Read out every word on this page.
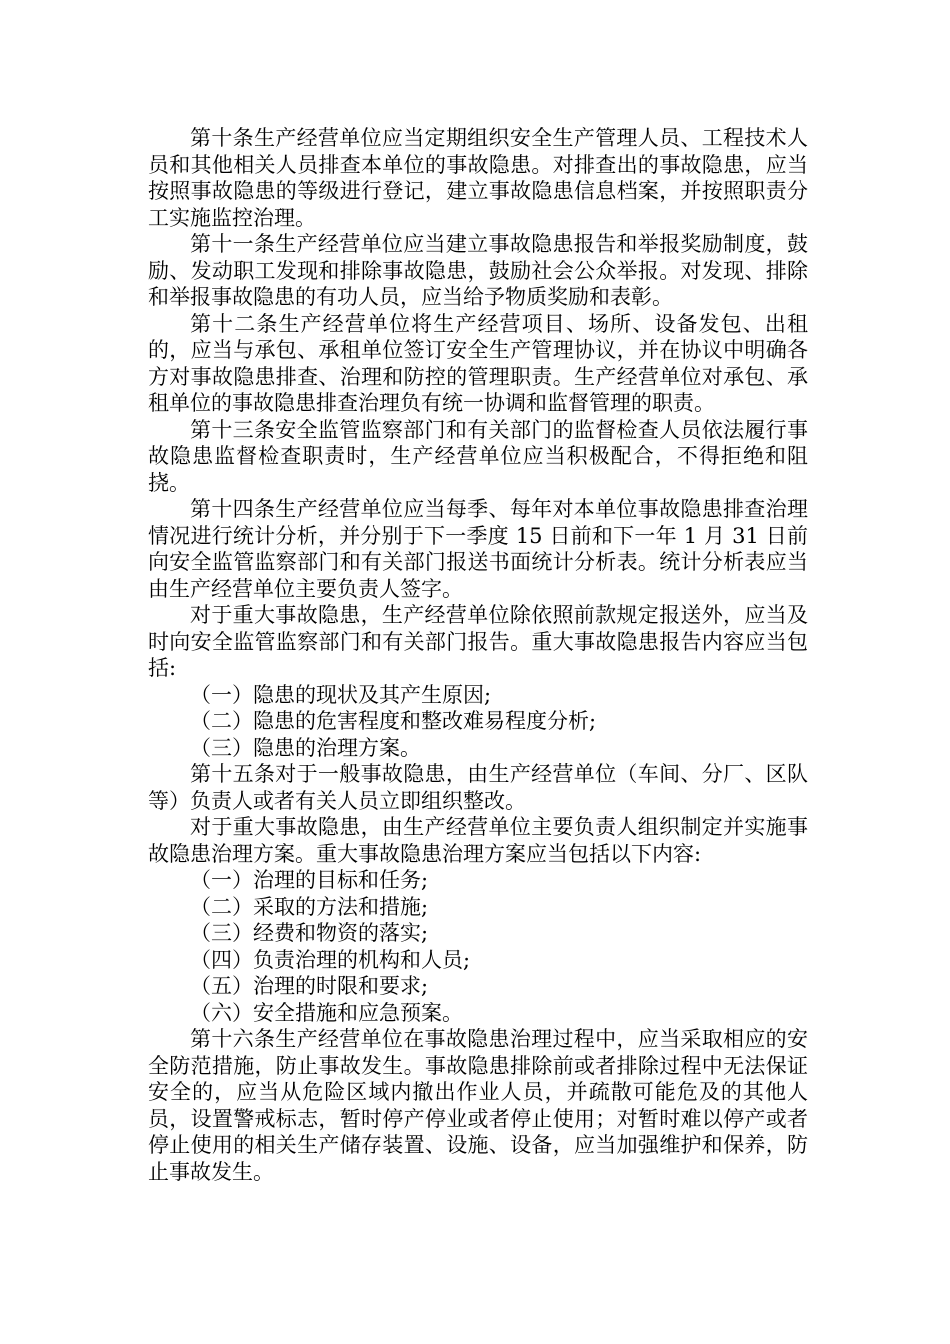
第十条生产经营单位应当定期组织安全生产管理人员、工程技术人员和其他相关人员排查本单位的事故隐患。对排查出的事故隐患，应当按照事故隐患的等级进行登记，建立事故隐患信息档案，并按照职责分工实施监控治理。

第十一条生产经营单位应当建立事故隐患报告和举报奖励制度，鼓励、发动职工发现和排除事故隐患，鼓励社会公众举报。对发现、排除和举报事故隐患的有功人员，应当给予物质奖励和表彰。

第十二条生产经营单位将生产经营项目、场所、设备发包、出租的，应当与承包、承租单位签订安全生产管理协议，并在协议中明确各方对事故隐患排查、治理和防控的管理职责。生产经营单位对承包、承租单位的事故隐患排查治理负有统一协调和监督管理的职责。

第十三条安全监管监察部门和有关部门的监督检查人员依法履行事故隐患监督检查职责时，生产经营单位应当积极配合，不得拒绝和阻挠。

第十四条生产经营单位应当每季、每年对本单位事故隐患排查治理情况进行统计分析，并分别于下一季度 15 日前和下一年 1 月 31 日前向安全监管监察部门和有关部门报送书面统计分析表。统计分析表应当由生产经营单位主要负责人签字。

对于重大事故隐患，生产经营单位除依照前款规定报送外，应当及时向安全监管监察部门和有关部门报告。重大事故隐患报告内容应当包括:

（一）隐患的现状及其产生原因;

（二）隐患的危害程度和整改难易程度分析;

（三）隐患的治理方案。

第十五条对于一般事故隐患，由生产经营单位（车间、分厂、区队等）负责人或者有关人员立即组织整改。

对于重大事故隐患，由生产经营单位主要负责人组织制定并实施事故隐患治理方案。重大事故隐患治理方案应当包括以下内容:

（一）治理的目标和任务;

（二）采取的方法和措施;

（三）经费和物资的落实;

（四）负责治理的机构和人员;

（五）治理的时限和要求;

（六）安全措施和应急预案。

第十六条生产经营单位在事故隐患治理过程中，应当采取相应的安全防范措施，防止事故发生。事故隐患排除前或者排除过程中无法保证安全的，应当从危险区域内撤出作业人员，并疏散可能危及的其他人员，设置警戒标志，暂时停产停业或者停止使用；对暂时难以停产或者停止使用的相关生产储存装置、设施、设备，应当加强维护和保养，防止事故发生。
